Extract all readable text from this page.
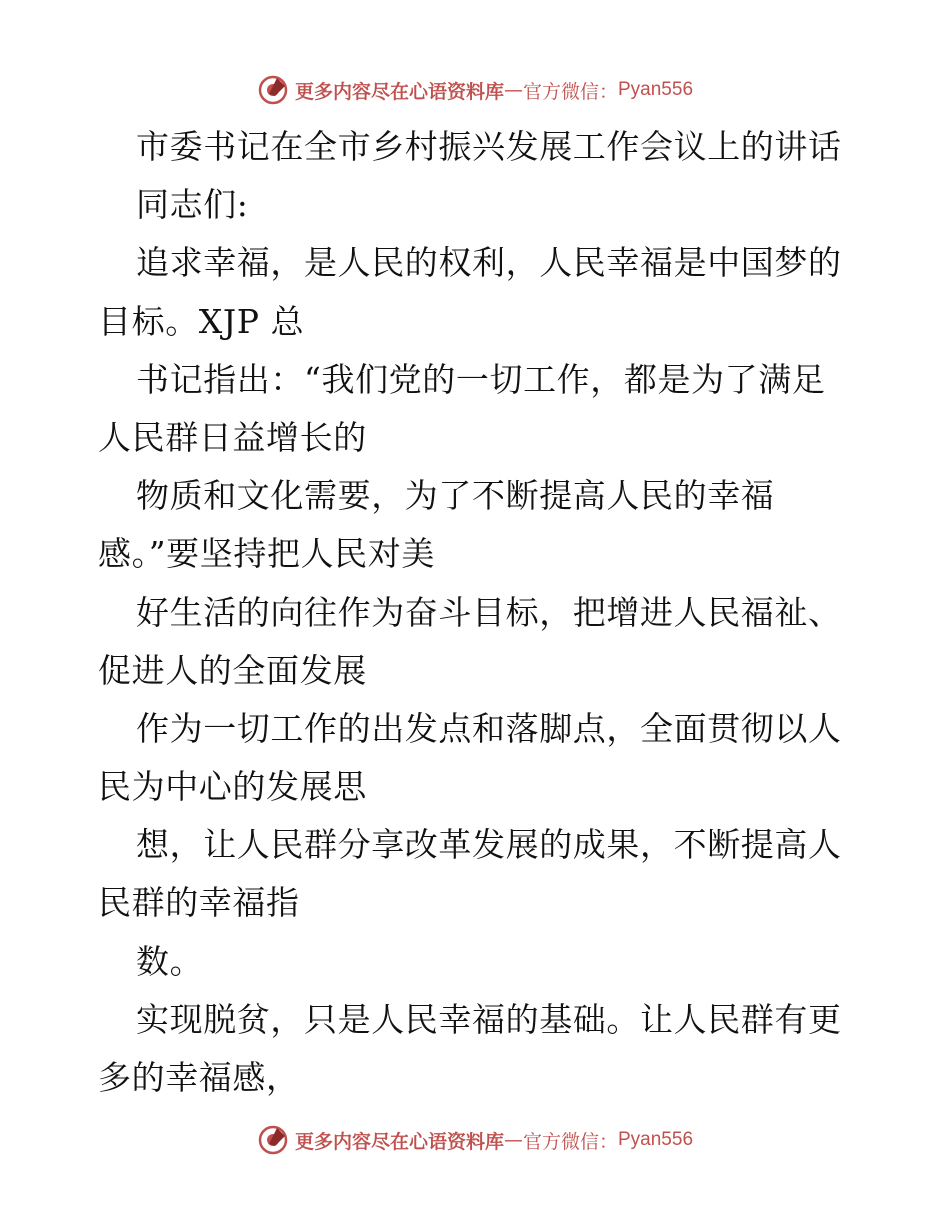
更多内容尽在心语资料库 — 官方微信： Pyan556
市委书记在全市乡村振兴发展工作会议上的讲话
同志们:
追求幸福，是人民的权利，人民幸福是中国梦的
目标。XJP 总
书记指出：“我们党的一切工作，都是为了满足
人民群日益增长的
物质和文化需要，为了不断提高人民的幸福
感。”要坚持把人民对美
好生活的向往作为奋斗目标，把增进人民福祉、
促进人的全面发展
作为一切工作的出发点和落脚点，全面贯彻以人
民为中心的发展思
想，让人民群分享改革发展的成果，不断提高人
民群的幸福指
数。
实现脱贫，只是人民幸福的基础。让人民群有更
多的幸福感，
更多内容尽在心语资料库 — 官方微信： Pyan556
